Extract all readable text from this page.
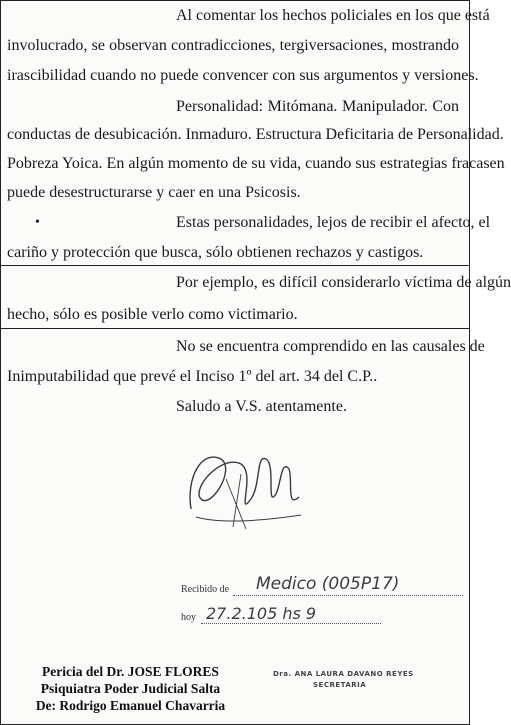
Al comentar los hechos policiales en los que está
involucrado, se observan contradicciones, tergiversaciones, mostrando
irascibilidad cuando no puede convencer con sus argumentos y versiones.
Personalidad: Mitómana. Manipulador. Con
conductas de desubicación. Inmaduro. Estructura Deficitaria de Personalidad.
Pobreza Yoica. En algún momento de su vida, cuando sus estrategias fracasen
puede desestructurarse y caer en una Psicosis.
•	Estas personalidades, lejos de recibir el afecto, el
cariño y protección que busca, sólo obtienen rechazos y castigos.
Por ejemplo, es difícil considerarlo víctima de algún
hecho, sólo es posible verlo como victimario.
No se encuentra comprendido en las causales de
Inimputabilidad que prevé el Inciso 1º del art. 34 del C.P..
Saludo a V.S. atentamente.
Recibido de Medico (005P17)
hoy 27.2.105 hs 9
Dra. ANA LAURA DAVANO REYES
SECRETARIA
Pericia del Dr. JOSE FLORES
Psiquiatra Poder Judicial Salta
De: Rodrigo Emanuel Chavarria
